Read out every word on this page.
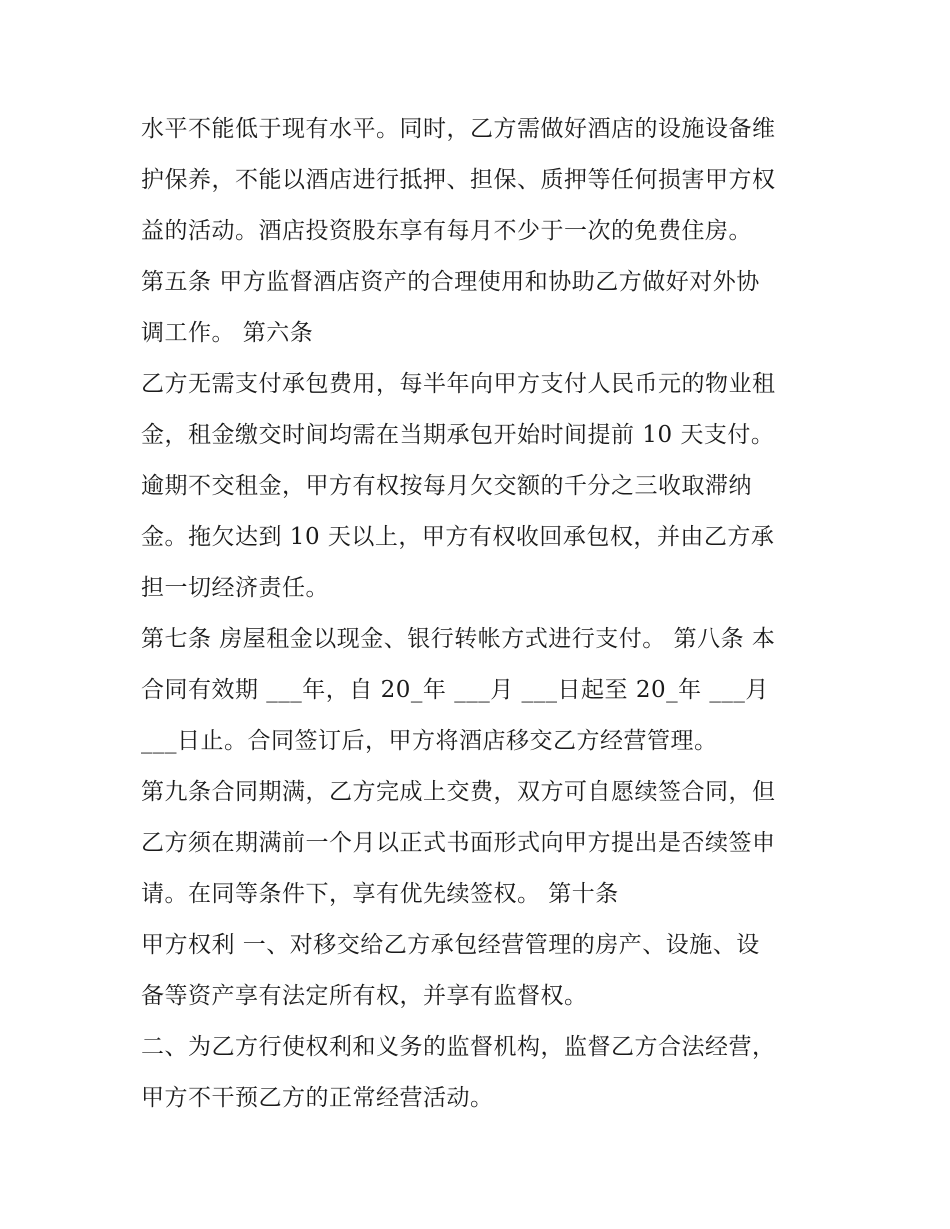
水平不能低于现有水平。同时，乙方需做好酒店的设施设备维
护保养，不能以酒店进行抵押、担保、质押等任何损害甲方权
益的活动。酒店投资股东享有每月不少于一次的免费住房。
第五条 甲方监督酒店资产的合理使用和协助乙方做好对外协
调工作。 第六条
乙方无需支付承包费用，每半年向甲方支付人民币元的物业租
金，租金缴交时间均需在当期承包开始时间提前 10 天支付。
逾期不交租金，甲方有权按每月欠交额的千分之三收取滞纳
金。拖欠达到 10 天以上，甲方有权收回承包权，并由乙方承
担一切经济责任。
第七条 房屋租金以现金、银行转帐方式进行支付。 第八条 本
合同有效期 ___年，自 20_年 ___月 ___日起至 20_年 ___月
___日止。合同签订后，甲方将酒店移交乙方经营管理。
第九条合同期满，乙方完成上交费，双方可自愿续签合同，但
乙方须在期满前一个月以正式书面形式向甲方提出是否续签申
请。在同等条件下，享有优先续签权。 第十条
甲方权利 一、对移交给乙方承包经营管理的房产、设施、设
备等资产享有法定所有权，并享有监督权。
二、为乙方行使权利和义务的监督机构，监督乙方合法经营，
甲方不干预乙方的正常经营活动。
